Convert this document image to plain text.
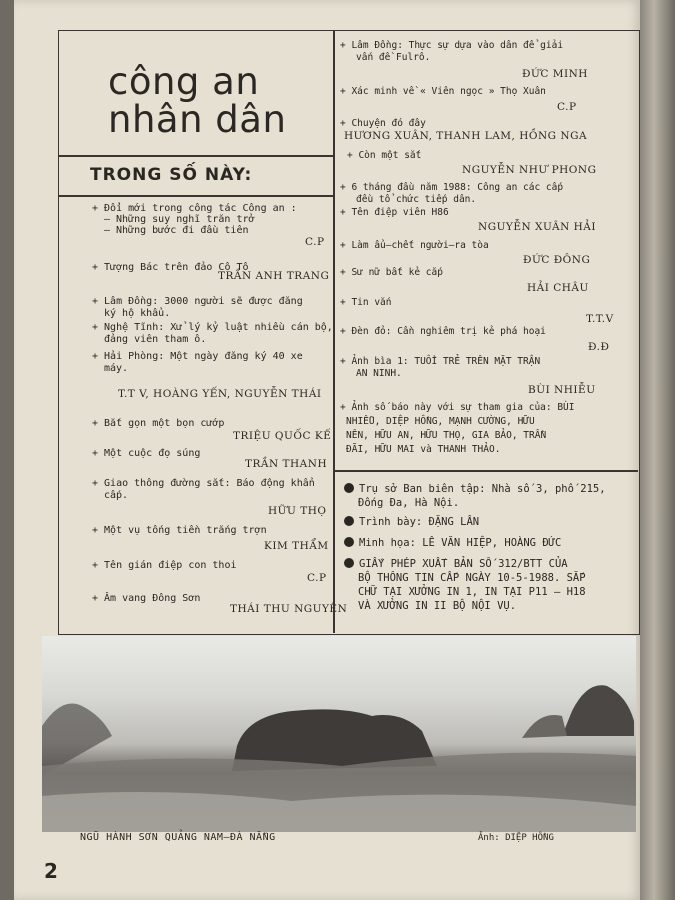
công an
nhân dân
TRONG SỐ NÀY:
+ Đổi mới trong công tác Công an :
– Những suy nghĩ trăn trở
– Những bước đi đầu tiên
C.P
+ Tượng Bác trên đảo Cô Tô
TRẦN ANH TRANG
+ Lâm Đồng: 3000 người sẽ được đăng
ký hộ khẩu.
+ Nghệ Tĩnh: Xử lý kỷ luật nhiều cán bộ,
đảng viên tham ô.
+ Hải Phòng: Một ngày đăng ký 40 xe
máy.
T.T V, HOÀNG YẾN, NGUYỄN THÁI
+ Bắt gọn một bọn cướp
TRIỆU QUỐC KẾ
+ Một cuộc đọ súng
TRẦN THANH
+ Giao thông đường sắt: Báo động khẩn
cấp.
HỮU THỌ
+ Một vụ tống tiền trắng trợn
KIM THẨM
+ Tên gián điệp con thoi
C.P
+ Âm vang Đông Sơn
THÁI THU NGUYÊN
+ Lâm Đồng: Thực sự dựa vào dân để giải
vấn đề Fulrô.
ĐỨC MINH
+ Xác minh về « Viên ngọc » Thọ Xuân
C.P
+ Chuyện đó đây
HƯƠNG XUÂN, THANH LAM, HỒNG NGA
+ Còn một sắt
NGUYỄN NHƯ PHONG
+ 6 tháng đầu năm 1988: Công an các cấp
đều tổ chức tiếp dân.
+ Tên điệp viên H86
NGUYỄN XUÂN HẢI
+ Làm ẩu–chết người–ra tòa
ĐỨC ĐÔNG
+ Sư nữ bất kẻ cắp
HẢI CHÂU
+ Tin vắn
T.T.V
+ Đèn đỏ: Cần nghiêm trị kẻ phá hoại
Đ.Đ
+ Ảnh bìa 1: TUỔI TRẺ TRÊN MẶT TRẬN
AN NINH.
BÙI NHIỄU
+ Ảnh số báo này với sự tham gia của: BÙI
NHIỄU, DIỆP HỒNG, MẠNH CƯỜNG, HỮU
NÊN, HỮU AN, HỮU THỌ, GIA BẢO, TRẦN
ĐÃI, HỮU MAI và THANH THẢO.
Trụ sở Ban biên tập: Nhà số 3, phố 215,
Đống Đa, Hà Nội.
Trình bày: ĐẶNG LÂN
Minh họa: LÊ VĂN HIỆP, HOÀNG ĐỨC
GIẤY PHÉP XUẤT BẢN SỐ 312/BTT CỦA
BỘ THÔNG TIN CẤP NGÀY 10-5-1988. SẮP
CHỮ TẠI XƯỞNG IN 1, IN TẠI P11 – H18
VÀ XƯỞNG IN II BỘ NỘI VỤ.
NGŨ HÀNH SƠN QUẢNG NAM–ĐÀ NẴNG	Ảnh: DIỆP HỒNG
2
